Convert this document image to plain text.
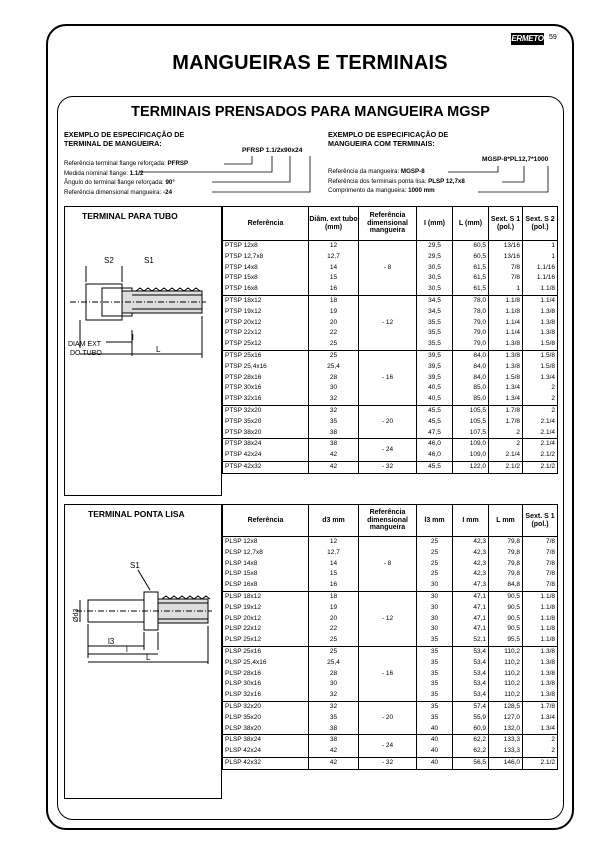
ERMETO 59
MANGUEIRAS E TERMINAIS
TERMINAIS PRENSADOS PARA MANGUEIRA MGSP
EXEMPLO DE ESPECIFICAÇÃO DE
TERMINAL DE MANGUEIRA:
PFRSP 1.1/2x90x24
Referência terminal flange reforçada: PFRSP
Medida nominal flange: 1.1/2
Ângulo do terminal flange reforçada: 90°
Referência dimensional mangueira: -24
EXEMPLO DE ESPECIFICAÇÃO DE
MANGUEIRA COM TERMINAIS:
MGSP-8*PL12,7*1000
Referência da mangueira: MGSP-8
Referência dos terminais ponta lisa: PLSP 12,7x8
Comprimento da mangueira: 1000 mm
TERMINAL PARA TUBO
S2	S1
l
L
DIAM EXT
DO TUBO
Referência	Diâm. ext tubo (mm)	Referência dimensional mangueira	I (mm)	L (mm)	Sext. S 1 (pol.)	Sext. S 2 (pol.)
PTSP 12x8	12	- 8	29,5	60,5	13/16	1
PTSP 12,7x8	12,7		29,5	60,5	13/16	1
PTSP 14x8	14		30,5	61,5	7/8	1.1/16
PTSP 15x8	15		30,5	61,5	7/8	1.1/16
PTSP 16x8	16		30,5	61,5	1	1.1/8
PTSP 18x12	18	- 12	34,5	78,0	1.1/8	1.1/4
PTSP 19x12	19		34,5	78,0	1.1/8	1.3/8
PTSP 20x12	20		35,5	79,0	1.1/4	1.3/8
PTSP 22x12	22		35,5	79,0	1.1/4	1.3/8
PTSP 25x12	25		35,5	79,0	1.3/8	1.5/8
PTSP 25x16	25	- 16	39,5	84,0	1.3/8	1.5/8
PTSP 25,4x16	25,4		39,5	84,0	1.3/8	1.5/8
PTSP 28x16	28		39,5	84,0	1.5/8	1.3/4
PTSP 30x16	30		40,5	85,0	1.3/4	2
PTSP 32x16	32		40,5	85,0	1.3/4	2
PTSP 32x20	32	- 20	45,5	105,5	1.7/8	2
PTSP 35x20	35		45,5	105,5	1.7/8	2.1/4
PTSP 38x20	38		47,5	107,5	2	2.1/4
PTSP 38x24	38	- 24	46,0	109,0	2	2.1/4
PTSP 42x24	42		46,0	109,0	2.1/4	2.1/2
PTSP 42x32	42	- 32	45,5	122,0	2.1/2	2.1/2
TERMINAL PONTA LISA
S1
Ød3
l3
l
L
Referência	d3 mm	Referência dimensional mangueira	l3 mm	I mm	L mm	Sext. S 1 (pol.)
PLSP 12x8	12	- 8	25	42,3	79,8	7/8
PLSP 12,7x8	12,7		25	42,3	79,8	7/8
PLSP 14x8	14		25	42,3	79,8	7/8
PLSP 15x8	15		25	42,3	79,8	7/8
PLSP 16x8	16		30	47,3	84,8	7/8
PLSP 18x12	18	- 12	30	47,1	90,5	1.1/8
PLSP 19x12	19		30	47,1	90,5	1.1/8
PLSP 20x12	20		30	47,1	90,5	1.1/8
PLSP 22x12	22		30	47,1	90,5	1.1/8
PLSP 25x12	25		35	52,1	95,5	1.1/8
PLSP 25x16	25	- 16	35	53,4	110,2	1.3/8
PLSP 25,4x16	25,4		35	53,4	110,2	1.3/8
PLSP 28x16	28		35	53,4	110,2	1.3/8
PLSP 30x16	30		35	53,4	110,2	1.3/8
PLSP 32x16	32		35	53,4	110,2	1.3/8
PLSP 32x20	32	- 20	35	57,4	128,5	1.7/8
PLSP 35x20	35		35	55,9	127,0	1.3/4
PLSP 38x20	38		40	60,9	132,0	1.3/4
PLSP 38x24	38	- 24	40	62,2	133,3	2
PLSP 42x24	42		40	62,2	133,3	2
PLSP 42x32	42	- 32	40	56,5	146,0	2.1/2
